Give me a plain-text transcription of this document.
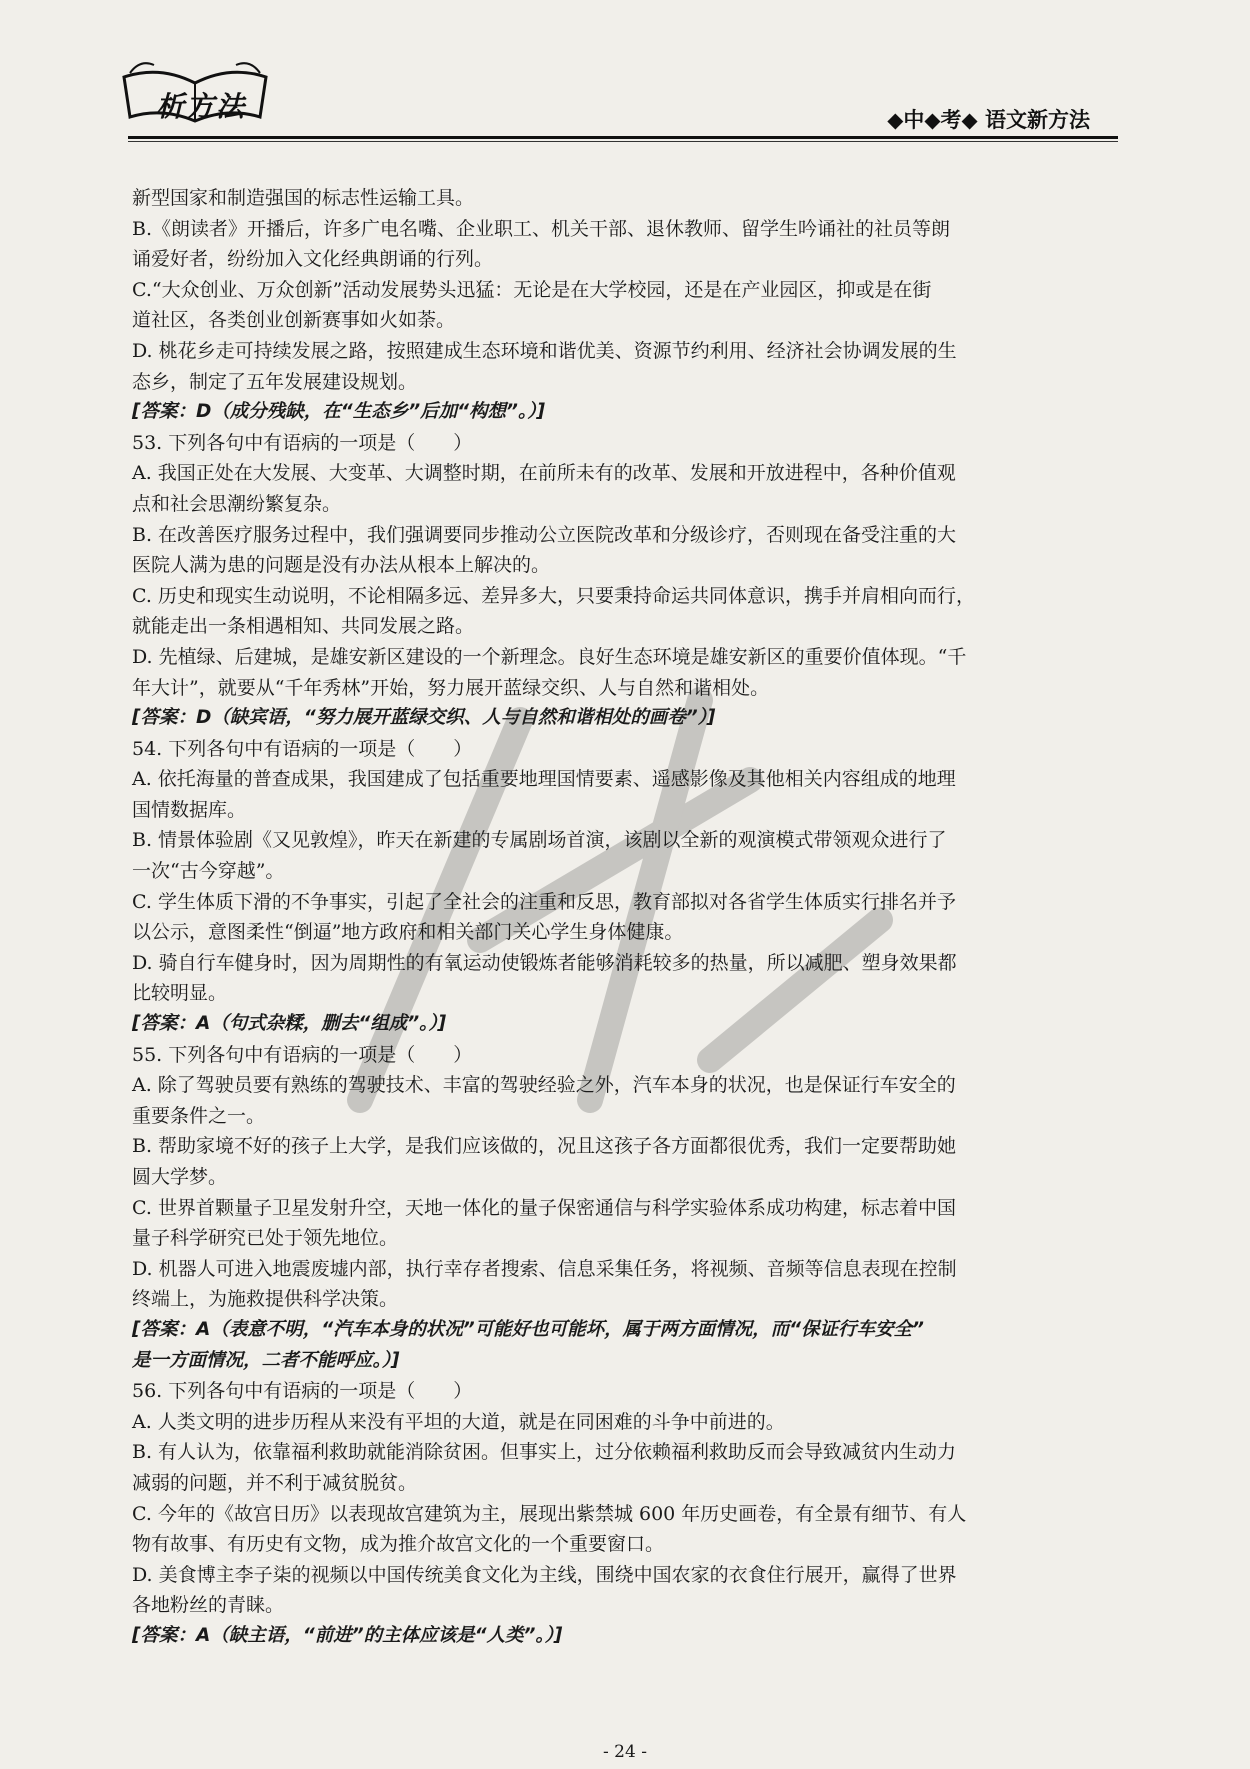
析方法	◆中◆考◆ 语文新方法

新型国家和制造强国的标志性运输工具。

B.《朗读者》开播后，许多广电名嘴、企业职工、机关干部、退休教师、留学生吟诵社的社员等朗

诵爱好者，纷纷加入文化经典朗诵的行列。

C.“大众创业、万众创新”活动发展势头迅猛：无论是在大学校园，还是在产业园区，抑或是在街

道社区，各类创业创新赛事如火如荼。

D. 桃花乡走可持续发展之路，按照建成生态环境和谐优美、资源节约利用、经济社会协调发展的生

态乡，制定了五年发展建设规划。

[答案：D（成分残缺，在“生态乡”后加“构想”。）]

53. 下列各句中有语病的一项是（　　）

A. 我国正处在大发展、大变革、大调整时期，在前所未有的改革、发展和开放进程中，各种价值观

点和社会思潮纷繁复杂。

B. 在改善医疗服务过程中，我们强调要同步推动公立医院改革和分级诊疗，否则现在备受注重的大

医院人满为患的问题是没有办法从根本上解决的。

C. 历史和现实生动说明，不论相隔多远、差异多大，只要秉持命运共同体意识，携手并肩相向而行，

就能走出一条相遇相知、共同发展之路。

D. 先植绿、后建城，是雄安新区建设的一个新理念。良好生态环境是雄安新区的重要价值体现。“千

年大计”，就要从“千年秀林”开始，努力展开蓝绿交织、人与自然和谐相处。

[答案：D（缺宾语，“努力展开蓝绿交织、人与自然和谐相处的画卷”）]

54. 下列各句中有语病的一项是（　　）

A. 依托海量的普查成果，我国建成了包括重要地理国情要素、遥感影像及其他相关内容组成的地理

国情数据库。

B. 情景体验剧《又见敦煌》，昨天在新建的专属剧场首演，该剧以全新的观演模式带领观众进行了

一次“古今穿越”。

C. 学生体质下滑的不争事实，引起了全社会的注重和反思，教育部拟对各省学生体质实行排名并予

以公示，意图柔性“倒逼”地方政府和相关部门关心学生身体健康。

D. 骑自行车健身时，因为周期性的有氧运动使锻炼者能够消耗较多的热量，所以减肥、塑身效果都

比较明显。

[答案：A（句式杂糅，删去“组成”。）]

55. 下列各句中有语病的一项是（　　）

A. 除了驾驶员要有熟练的驾驶技术、丰富的驾驶经验之外，汽车本身的状况，也是保证行车安全的

重要条件之一。

B. 帮助家境不好的孩子上大学，是我们应该做的，况且这孩子各方面都很优秀，我们一定要帮助她

圆大学梦。

C. 世界首颗量子卫星发射升空，天地一体化的量子保密通信与科学实验体系成功构建，标志着中国

量子科学研究已处于领先地位。

D. 机器人可进入地震废墟内部，执行幸存者搜索、信息采集任务，将视频、音频等信息表现在控制

终端上，为施救提供科学决策。

[答案：A（表意不明，“汽车本身的状况”可能好也可能坏，属于两方面情况，而“保证行车安全”

是一方面情况，二者不能呼应。）]

56. 下列各句中有语病的一项是（　　）

A. 人类文明的进步历程从来没有平坦的大道，就是在同困难的斗争中前进的。

B. 有人认为，依靠福利救助就能消除贫困。但事实上，过分依赖福利救助反而会导致减贫内生动力

减弱的问题，并不利于减贫脱贫。

C. 今年的《故宫日历》以表现故宫建筑为主，展现出紫禁城 600 年历史画卷，有全景有细节、有人

物有故事、有历史有文物，成为推介故宫文化的一个重要窗口。

D. 美食博主李子柒的视频以中国传统美食文化为主线，围绕中国农家的衣食住行展开，赢得了世界

各地粉丝的青睐。

[答案：A（缺主语，“前进”的主体应该是“人类”。）]

- 24 -
